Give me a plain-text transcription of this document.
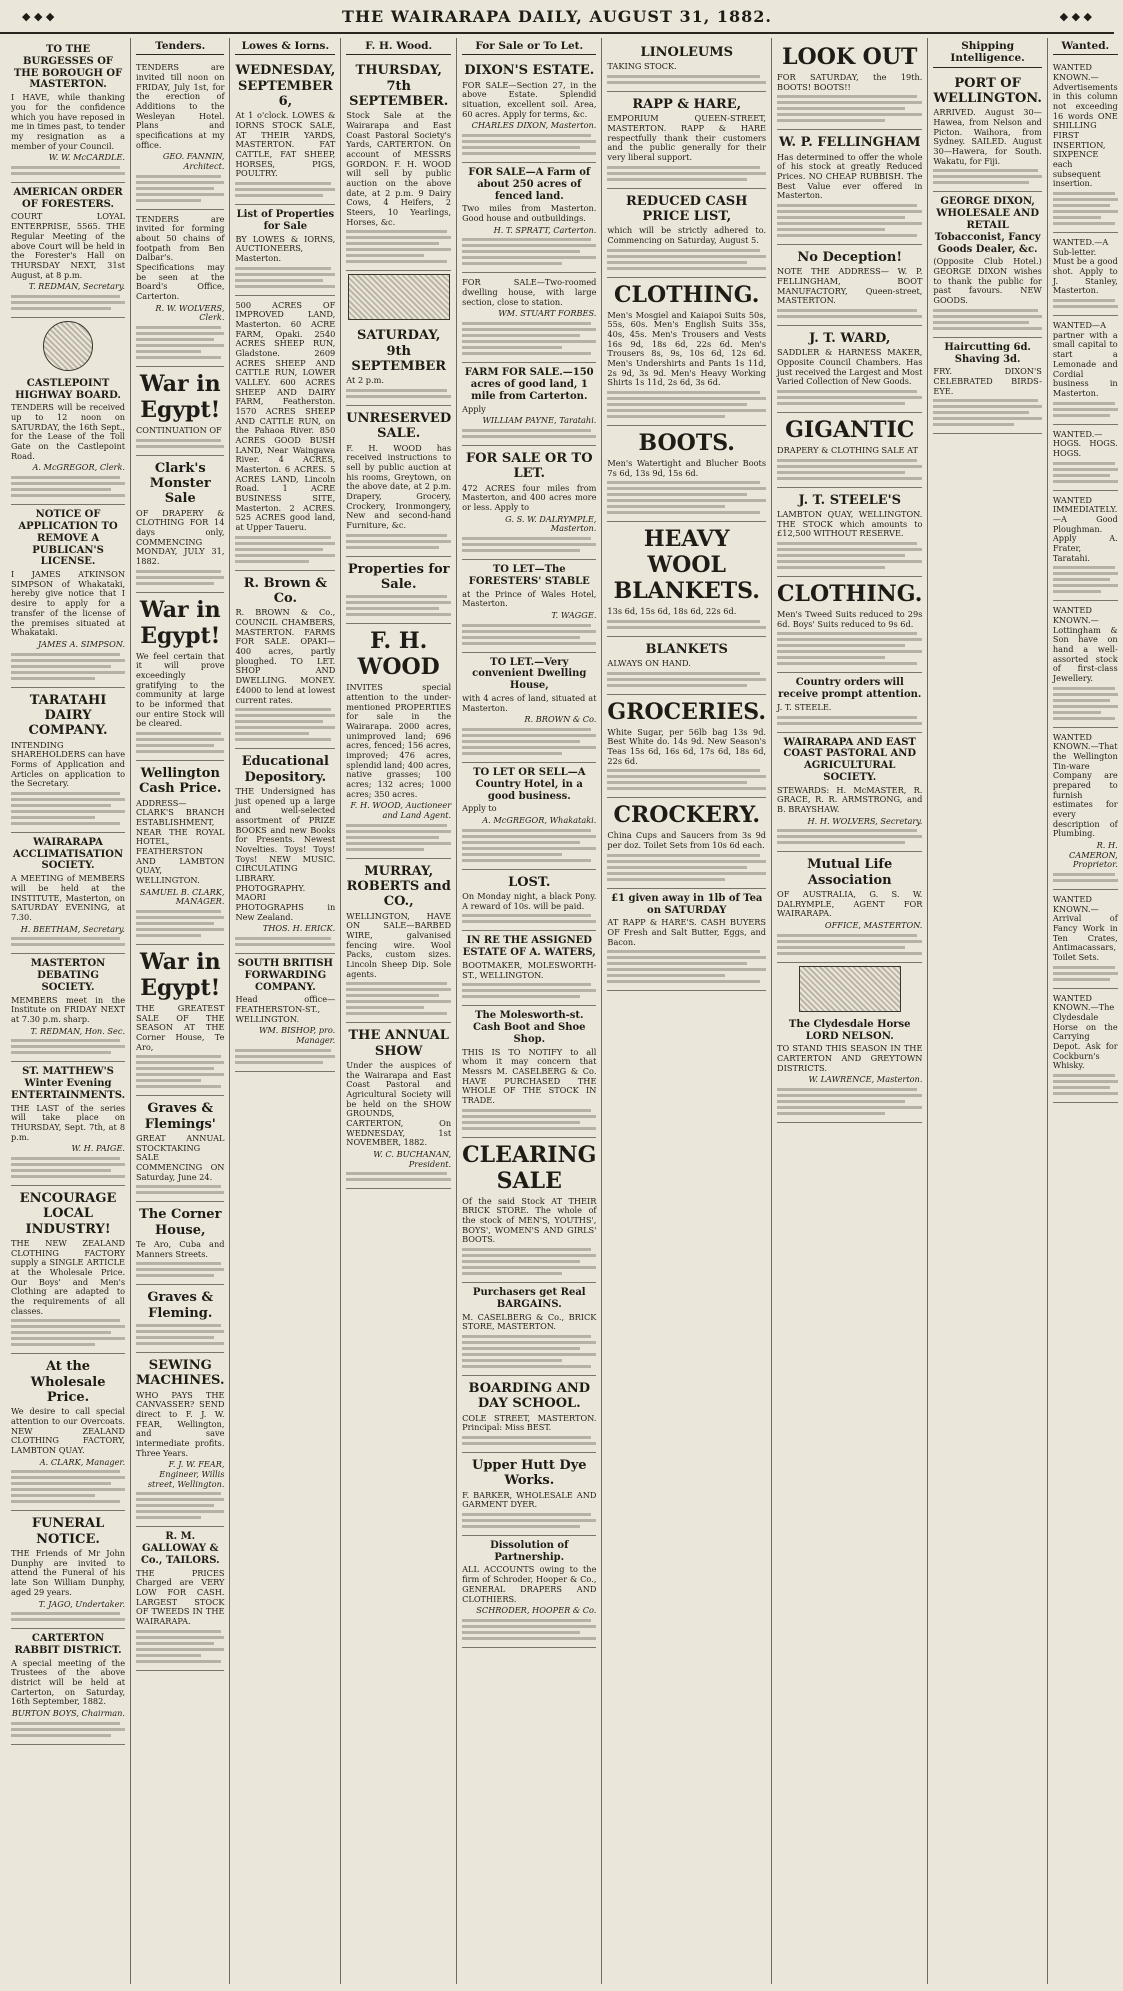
◆ ◆ ◆	THE WAIRARAPA DAILY, AUGUST 31, 1882.	◆ ◆ ◆
TO THE BURGESSES OF THE BOROUGH OF MASTERTON.

I HAVE, while thanking you for the confidence which you have reposed in me in times past, to tender my resignation as a member of your Council.

W. W. McCARDLE.

AMERICAN ORDER OF FORESTERS.

COURT LOYAL ENTERPRISE, 5565. THE Regular Meeting of the above Court will be held in the Forester's Hall on THURSDAY NEXT, 31st August, at 8 p.m.

T. REDMAN, Secretary.

CASTLEPOINT HIGHWAY BOARD.

TENDERS will be received up to 12 noon on SATURDAY, the 16th Sept., for the Lease of the Toll Gate on the Castlepoint Road.

A. McGREGOR, Clerk.

NOTICE OF APPLICATION TO REMOVE A PUBLICAN'S LICENSE.

I JAMES ATKINSON SIMPSON of Whakataki, hereby give notice that I desire to apply for a transfer of the license of the premises situated at Whakataki.

JAMES A. SIMPSON.

TARATAHI DAIRY COMPANY.

INTENDING SHAREHOLDERS can have Forms of Application and Articles on application to the Secretary.

WAIRARAPA ACCLIMATISATION SOCIETY.

A MEETING of MEMBERS will be held at the INSTITUTE, Masterton, on SATURDAY EVENING, at 7.30.

H. BEETHAM, Secretary.

MASTERTON DEBATING SOCIETY.

MEMBERS meet in the Institute on FRIDAY NEXT at 7.30 p.m. sharp.

T. REDMAN, Hon. Sec.

ST. MATTHEW'S Winter Evening ENTERTAINMENTS.

THE LAST of the series will take place on THURSDAY, Sept. 7th, at 8 p.m.

W. H. PAIGE.

ENCOURAGE LOCAL INDUSTRY!

THE NEW ZEALAND CLOTHING FACTORY supply a SINGLE ARTICLE at the Wholesale Price. Our Boys' and Men's Clothing are adapted to the requirements of all classes.

At the Wholesale Price.

We desire to call special attention to our Overcoats. NEW ZEALAND CLOTHING FACTORY, LAMBTON QUAY.

A. CLARK, Manager.

FUNERAL NOTICE.

THE Friends of Mr John Dunphy are invited to attend the Funeral of his late Son William Dunphy, aged 29 years.

T. JAGO, Undertaker.

CARTERTON RABBIT DISTRICT.

A special meeting of the Trustees of the above district will be held at Carterton, on Saturday, 16th September, 1882.

BURTON BOYS, Chairman.

Tenders.

TENDERS are invited till noon on FRIDAY, July 1st, for the erection of Additions to the Wesleyan Hotel. Plans and specifications at my office.

GEO. FANNIN, Architect.

TENDERS are invited for forming about 50 chains of footpath from Ben Dalbar's. Specifications may be seen at the Board's Office, Carterton.

R. W. WOLVERS, Clerk.

War in Egypt!

CONTINUATION OF

Clark's Monster Sale

OF DRAPERY & CLOTHING FOR 14 days only, COMMENCING MONDAY, JULY 31, 1882.

War in Egypt!

We feel certain that it will prove exceedingly gratifying to the community at large to be informed that our entire Stock will be cleared.

Wellington Cash Price.

ADDRESS— CLARK'S BRANCH ESTABLISHMENT, NEAR THE ROYAL HOTEL, FEATHERSTON AND LAMBTON QUAY, WELLINGTON.

SAMUEL B. CLARK, MANAGER.

War in Egypt!

THE GREATEST SALE OF THE SEASON AT THE Corner House, Te Aro,

Graves & Flemings'

GREAT ANNUAL STOCKTAKING SALE COMMENCING ON Saturday, June 24.

The Corner House,

Te Aro, Cuba and Manners Streets.

Graves & Fleming.
SEWING MACHINES.

WHO PAYS THE CANVASSER? SEND direct to F. J. W. FEAR, Wellington, and save intermediate profits. Three Years.

F. J. W. FEAR, Engineer, Willis street, Wellington.

R. M. GALLOWAY & Co., TAILORS.

THE PRICES Charged are VERY LOW FOR CASH. LARGEST STOCK OF TWEEDS IN THE WAIRARAPA.

Lowes & Iorns.
WEDNESDAY, SEPTEMBER 6,

At 1 o'clock. LOWES & IORNS STOCK SALE, AT THEIR YARDS, MASTERTON. FAT CATTLE, FAT SHEEP, HORSES, PIGS, POULTRY.

List of Properties for Sale

BY LOWES & IORNS, AUCTIONEERS, Masterton.

500 ACRES OF IMPROVED LAND, Masterton. 60 ACRE FARM, Opaki. 2540 ACRES SHEEP RUN, Gladstone. 2609 ACRES SHEEP AND CATTLE RUN, LOWER VALLEY. 600 ACRES SHEEP AND DAIRY FARM, Featherston. 1570 ACRES SHEEP AND CATTLE RUN, on the Pahaoa River. 850 ACRES GOOD BUSH LAND, Near Waingawa River. 4 ACRES, Masterton. 6 ACRES. 5 ACRES LAND, Lincoln Road. 1 ACRE BUSINESS SITE, Masterton. 2 ACRES. 525 ACRES good land, at Upper Taueru.

R. Brown & Co.

R. BROWN & Co., COUNCIL CHAMBERS, MASTERTON. FARMS FOR SALE. OPAKI—400 acres, partly ploughed. TO LET. SHOP AND DWELLING. MONEY. £4000 to lend at lowest current rates.

Educational Depository.

THE Undersigned has just opened up a large and well-selected assortment of PRIZE BOOKS and new Books for Presents. Newest Novelties. Toys! Toys! Toys! NEW MUSIC. CIRCULATING LIBRARY. PHOTOGRAPHY. MAORI PHOTOGRAPHS in New Zealand.

THOS. H. ERICK.

SOUTH BRITISH FORWARDING COMPANY.

Head office—FEATHERSTON-ST., WELLINGTON.

WM. BISHOP, pro. Manager.

F. H. Wood.
THURSDAY, 7th SEPTEMBER.

Stock Sale at the Wairarapa and East Coast Pastoral Society's Yards, CARTERTON. On account of MESSRS GORDON. F. H. WOOD will sell by public auction on the above date, at 2 p.m. 9 Dairy Cows, 4 Heifers, 2 Steers, 10 Yearlings, Horses, &c.

SATURDAY, 9th SEPTEMBER

At 2 p.m.

UNRESERVED SALE.

F. H. WOOD has received instructions to sell by public auction at his rooms, Greytown, on the above date, at 2 p.m. Drapery, Grocery, Crockery, Ironmongery, New and second-hand Furniture, &c.

Properties for Sale.
F. H. WOOD

INVITES special attention to the under-mentioned PROPERTIES for sale in the Wairarapa. 2000 acres, unimproved land; 696 acres, fenced; 156 acres, improved; 476 acres, splendid land; 400 acres, native grasses; 100 acres; 132 acres; 1000 acres; 350 acres.

F. H. WOOD, Auctioneer and Land Agent.

MURRAY, ROBERTS and CO.,

WELLINGTON, HAVE ON SALE—BARBED WIRE, galvanised fencing wire. Wool Packs, custom sizes. Lincoln Sheep Dip. Sole agents.

THE ANNUAL SHOW

Under the auspices of the Wairarapa and East Coast Pastoral and Agricultural Society will be held on the SHOW GROUNDS, CARTERTON, On WEDNESDAY, 1st NOVEMBER, 1882.

W. C. BUCHANAN, President.

For Sale or To Let.
DIXON'S ESTATE.

FOR SALE—Section 27, in the above Estate. Splendid situation, excellent soil. Area, 60 acres. Apply for terms, &c.

CHARLES DIXON, Masterton.

FOR SALE—A Farm of about 250 acres of fenced land.

Two miles from Masterton. Good house and outbuildings.

H. T. SPRATT, Carterton.

FOR SALE—Two-roomed dwelling house, with large section, close to station.

WM. STUART FORBES.

FARM FOR SALE.—150 acres of good land, 1 mile from Carterton.

Apply

WILLIAM PAYNE, Taratahi.

FOR SALE OR TO LET.

472 ACRES four miles from Masterton, and 400 acres more or less. Apply to

G. S. W. DALRYMPLE, Masterton.

TO LET—The FORESTERS' STABLE

at the Prince of Wales Hotel, Masterton.

T. WAGGE.

TO LET.—Very convenient Dwelling House,

with 4 acres of land, situated at Masterton.

R. BROWN & Co.

TO LET OR SELL—A Country Hotel, in a good business.

Apply to

A. McGREGOR, Whakataki.

LOST.

On Monday night, a black Pony. A reward of 10s. will be paid.

IN RE THE ASSIGNED ESTATE OF A. WATERS,

BOOTMAKER, MOLESWORTH-ST., WELLINGTON.

The Molesworth-st. Cash Boot and Shoe Shop.

THIS IS TO NOTIFY to all whom it may concern that Messrs M. CASELBERG & Co. HAVE PURCHASED THE WHOLE OF THE STOCK IN TRADE.

CLEARING SALE

Of the said Stock AT THEIR BRICK STORE. The whole of the stock of MEN'S, YOUTHS', BOYS', WOMEN'S AND GIRLS' BOOTS.

Purchasers get Real BARGAINS.

M. CASELBERG & Co., BRICK STORE, MASTERTON.

BOARDING AND DAY SCHOOL.

COLE STREET, MASTERTON. Principal: Miss BEST.

Upper Hutt Dye Works.

F. BARKER, WHOLESALE AND GARMENT DYER.

Dissolution of Partnership.

ALL ACCOUNTS owing to the firm of Schroder, Hooper & Co., GENERAL DRAPERS AND CLOTHIERS.

SCHRODER, HOOPER & Co.

LINOLEUMS

TAKING STOCK.

RAPP & HARE,

EMPORIUM QUEEN-STREET, MASTERTON. RAPP & HARE respectfully thank their customers and the public generally for their very liberal support.

REDUCED CASH PRICE LIST,

which will be strictly adhered to. Commencing on Saturday, August 5.

CLOTHING.

Men's Mosgiel and Kaiapoi Suits 50s, 55s, 60s. Men's English Suits 35s, 40s, 45s. Men's Trousers and Vests 16s 9d, 18s 6d, 22s 6d. Men's Trousers 8s, 9s, 10s 6d, 12s 6d. Men's Undershirts and Pants 1s 11d, 2s 9d, 3s 9d. Men's Heavy Working Shirts 1s 11d, 2s 6d, 3s 6d.

BOOTS.

Men's Watertight and Blucher Boots 7s 6d, 13s 9d, 15s 6d.

HEAVY WOOL BLANKETS.

13s 6d, 15s 6d, 18s 6d, 22s 6d.

BLANKETS

ALWAYS ON HAND.

GROCERIES.

White Sugar, per 56lb bag 13s 9d. Best White do. 14s 9d. New Season's Teas 15s 6d, 16s 6d, 17s 6d, 18s 6d, 22s 6d.

CROCKERY.

China Cups and Saucers from 3s 9d per doz. Toilet Sets from 10s 6d each.

£1 given away in 1lb of Tea on SATURDAY

AT RAPP & HARE'S. CASH BUYERS OF Fresh and Salt Butter, Eggs, and Bacon.

LOOK OUT

FOR SATURDAY, the 19th. BOOTS! BOOTS!!

W. P. FELLINGHAM

Has determined to offer the whole of his stock at greatly Reduced Prices. NO CHEAP RUBBISH. The Best Value ever offered in Masterton.

No Deception!

NOTE THE ADDRESS— W. P. FELLINGHAM, BOOT MANUFACTORY, Queen-street, MASTERTON.

J. T. WARD,

SADDLER & HARNESS MAKER, Opposite Council Chambers. Has just received the Largest and Most Varied Collection of New Goods.

GIGANTIC

DRAPERY & CLOTHING SALE AT

J. T. STEELE'S

LAMBTON QUAY, WELLINGTON. THE STOCK which amounts to £12,500 WITHOUT RESERVE.

CLOTHING.

Men's Tweed Suits reduced to 29s 6d. Boys' Suits reduced to 9s 6d.

Country orders will receive prompt attention.

J. T. STEELE.

WAIRARAPA AND EAST COAST PASTORAL AND AGRICULTURAL SOCIETY.

STEWARDS: H. McMASTER, R. GRACE, R. R. ARMSTRONG, and B. BRAYSHAW.

H. H. WOLVERS, Secretary.

Mutual Life Association

OF AUSTRALIA, G. S. W. DALRYMPLE, AGENT FOR WAIRARAPA.

OFFICE, MASTERTON.

The Clydesdale Horse LORD NELSON.

TO STAND THIS SEASON IN THE CARTERTON AND GREYTOWN DISTRICTS.

W. LAWRENCE, Masterton.

Shipping Intelligence.
PORT OF WELLINGTON.

ARRIVED. August 30—Hawea, from Nelson and Picton. Waihora, from Sydney. SAILED. August 30—Hawera, for South. Wakatu, for Fiji.

GEORGE DIXON, WHOLESALE AND RETAIL Tobacconist, Fancy Goods Dealer, &c.

(Opposite Club Hotel.) GEORGE DIXON wishes to thank the public for past favours. NEW GOODS.

Haircutting 6d. Shaving 3d.

FRY. DIXON'S CELEBRATED BIRDS-EYE.

Wanted.

WANTED KNOWN.—Advertisements in this column not exceeding 16 words ONE SHILLING FIRST INSERTION, SIXPENCE each subsequent insertion.

WANTED.—A Sub-letter. Must be a good shot. Apply to J. Stanley, Masterton.

WANTED—A partner with a small capital to start a Lemonade and Cordial business in Masterton.

WANTED.—HOGS. HOGS. HOGS.

WANTED IMMEDIATELY.—A Good Ploughman. Apply A. Frater, Taratahi.

WANTED KNOWN.—Lottingham & Son have on hand a well-assorted stock of first-class Jewellery.

WANTED KNOWN.—That the Wellington Tin-ware Company are prepared to furnish estimates for every description of Plumbing.

R. H. CAMERON, Proprietor.

WANTED KNOWN.—Arrival of Fancy Work in Ten Crates, Antimacassars, Toilet Sets.

WANTED KNOWN.—The Clydesdale Horse on the Carrying Depot. Ask for Cockburn's Whisky.
